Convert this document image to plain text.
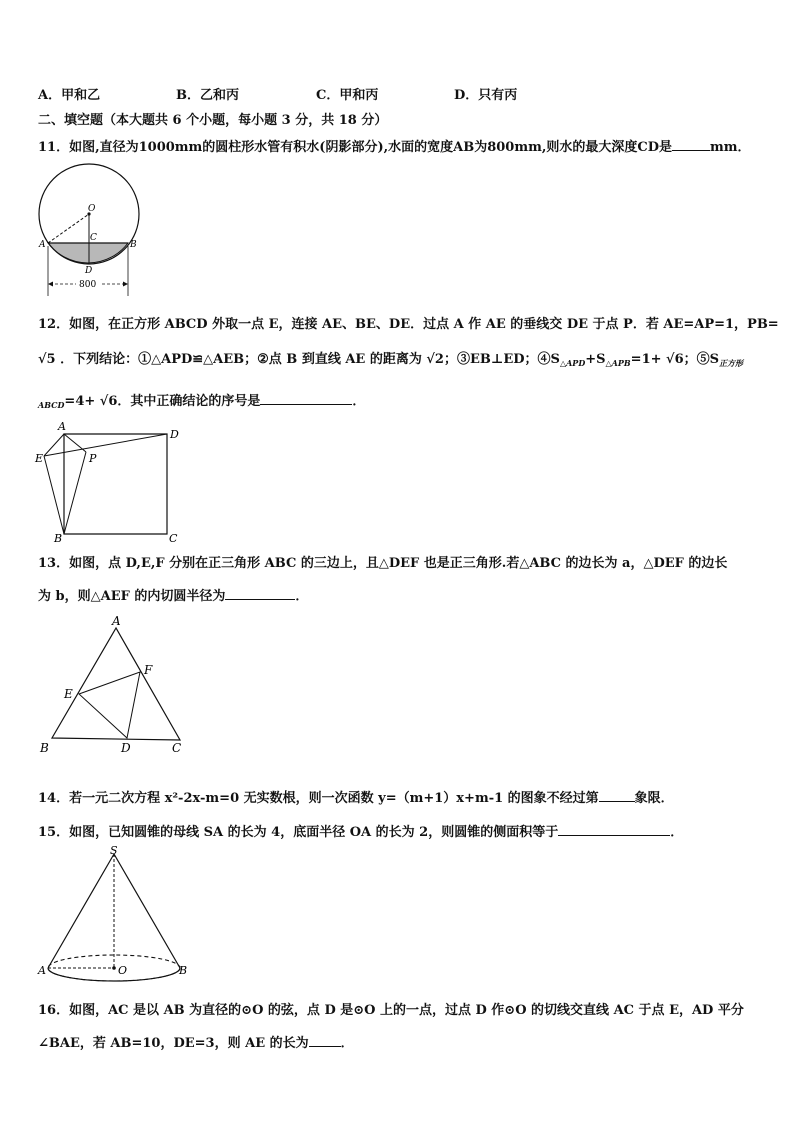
A．甲和乙	B．乙和丙	C．甲和丙	D．只有丙
二、填空题（本大题共 6 个小题，每小题 3 分，共 18 分）
11．如图,直径为1000mm的圆柱形水管有积水(阴影部分),水面的宽度AB为800mm,则水的最大深度CD是	mm．
O
C
A	B
D
800
12．如图，在正方形 ABCD 外取一点 E，连接 AE、BE、DE．过点 A 作 AE 的垂线交 DE 于点 P．若 AE=AP=1，PB=
√5 ．下列结论：①△APD≌△AEB；②点 B 到直线 AE 的距离为 √2；③EB⊥ED；$④S_{\triangle APD}+S_{\triangle APB}=1+ √6$；$⑤S_{正方形}$
$_{ABCD}$=4+ √6．其中正确结论的序号是	．
A
D
E	P
B	C
13．如图，点 D,E,F 分别在正三角形 ABC 的三边上，且△DEF 也是正三角形.若△ABC 的边长为 a，△DEF 的边长
为 b，则△AEF 的内切圆半径为	．
A
F
E
B	D	C
14．若一元二次方程 x²-2x-m=0 无实数根，则一次函数 y=（m+1）x+m-1 的图象不经过第	象限．
15．如图，已知圆锥的母线 SA 的长为 4，底面半径 OA 的长为 2，则圆锥的侧面积等于	．
S
A	O	B
16．如图，AC 是以 AB 为直径的⊙O 的弦，点 D 是⊙O 上的一点，过点 D 作⊙O 的切线交直线 AC 于点 E，AD 平分
∠BAE，若 AB=10，DE=3，则 AE 的长为 ．
